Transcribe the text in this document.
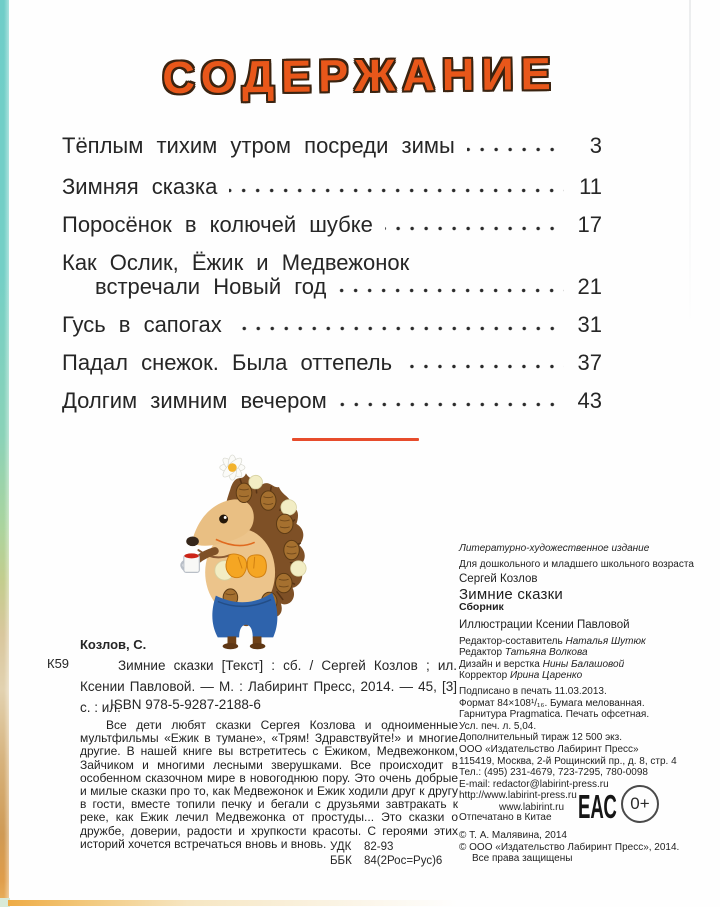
СОДЕРЖАНИЕ
Тёплым тихим утром посреди зимы	3
Зимняя сказка	11
Поросёнок в колючей шубке	17
Как Ослик, Ёжик и Медвежонок
встречали Новый год	21
Гусь в сапогах	31
Падал снежок. Была оттепель	37
Долгим зимним вечером	43
Козлов, С.
К59	Зимние сказки [Текст] : сб. / Сергей Козлов ; ил. Ксении Павловой. — М. : Лабиринт Пресс, 2014. — 45, [3] с. : ил.
ISBN 978-5-9287-2188-6
Все дети любят сказки Сергея Козлова и одноименные мультфильмы «Ежик в тумане», «Трям! Здравствуйте!» и многие другие. В нашей книге вы встретитесь с Ежиком, Медвежонком, Зайчиком и многими лесными зверушками. Все происходит в особенном сказочном мире в новогоднюю пору. Это очень добрые и милые сказки про то, как Медвежонок и Ежик ходили друг к другу в гости, вместе топили печку и бегали с друзьями завтракать к реке, как Ежик лечил Медвежонка от простуды... Это сказки о дружбе, доверии, радости и хрупкости красоты. С героями этих историй хочется встречаться вновь и вновь. УДК	82-93
ББК	84(2Рос=Рус)6
Литературно-художественное издание
Для дошкольного и младшего школьного возраста
Сергей Козлов
Зимние сказки
Сборник
Иллюстрации Ксении Павловой
Редактор-составитель Наталья Шутюк
Редактор Татьяна Волкова
Дизайн и верстка Нины Балашовой
Корректор Ирина Царенко
Подписано в печать 11.03.2013.
Формат 84×108¹/₁₆. Бумага мелованная.
Гарнитура Pragmatica. Печать офсетная.
Усл. печ. л. 5,04.
Дополнительный тираж 12 500 экз.
ООО «Издательство Лабиринт Пресс»
115419, Москва, 2-й Рощинский пр., д. 8, стр. 4
Тел.: (495) 231-4679, 723-7295, 780-0098
E-mail: redactor@labirint-press.ru
http://www.labirint-press.ru
www.labirint.ru
Отпечатано в Китае ЕАС 0+
© Т. А. Малявина, 2014
© ООО «Издательство Лабиринт Пресс», 2014.
Все права защищены
